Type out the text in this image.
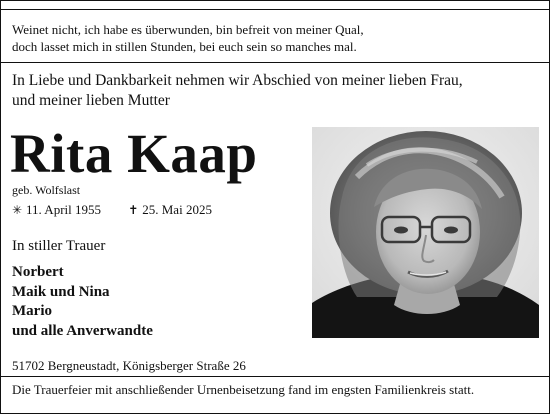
Weinet nicht, ich habe es überwunden, bin befreit von meiner Qual,
doch lasset mich in stillen Stunden, bei euch sein so manches mal.
In Liebe und Dankbarkeit nehmen wir Abschied von meiner lieben Frau,
und meiner lieben Mutter
Rita Kaap
geb. Wolfslast
✳ 11. April 1955 ✝ 25. Mai 2025
In stiller Trauer
Norbert
Maik und Nina
Mario
und alle Anverwandte
51702 Bergneustadt, Königsberger Straße 26
Die Trauerfeier mit anschließender Urnenbeisetzung fand im engsten Familienkreis statt.
